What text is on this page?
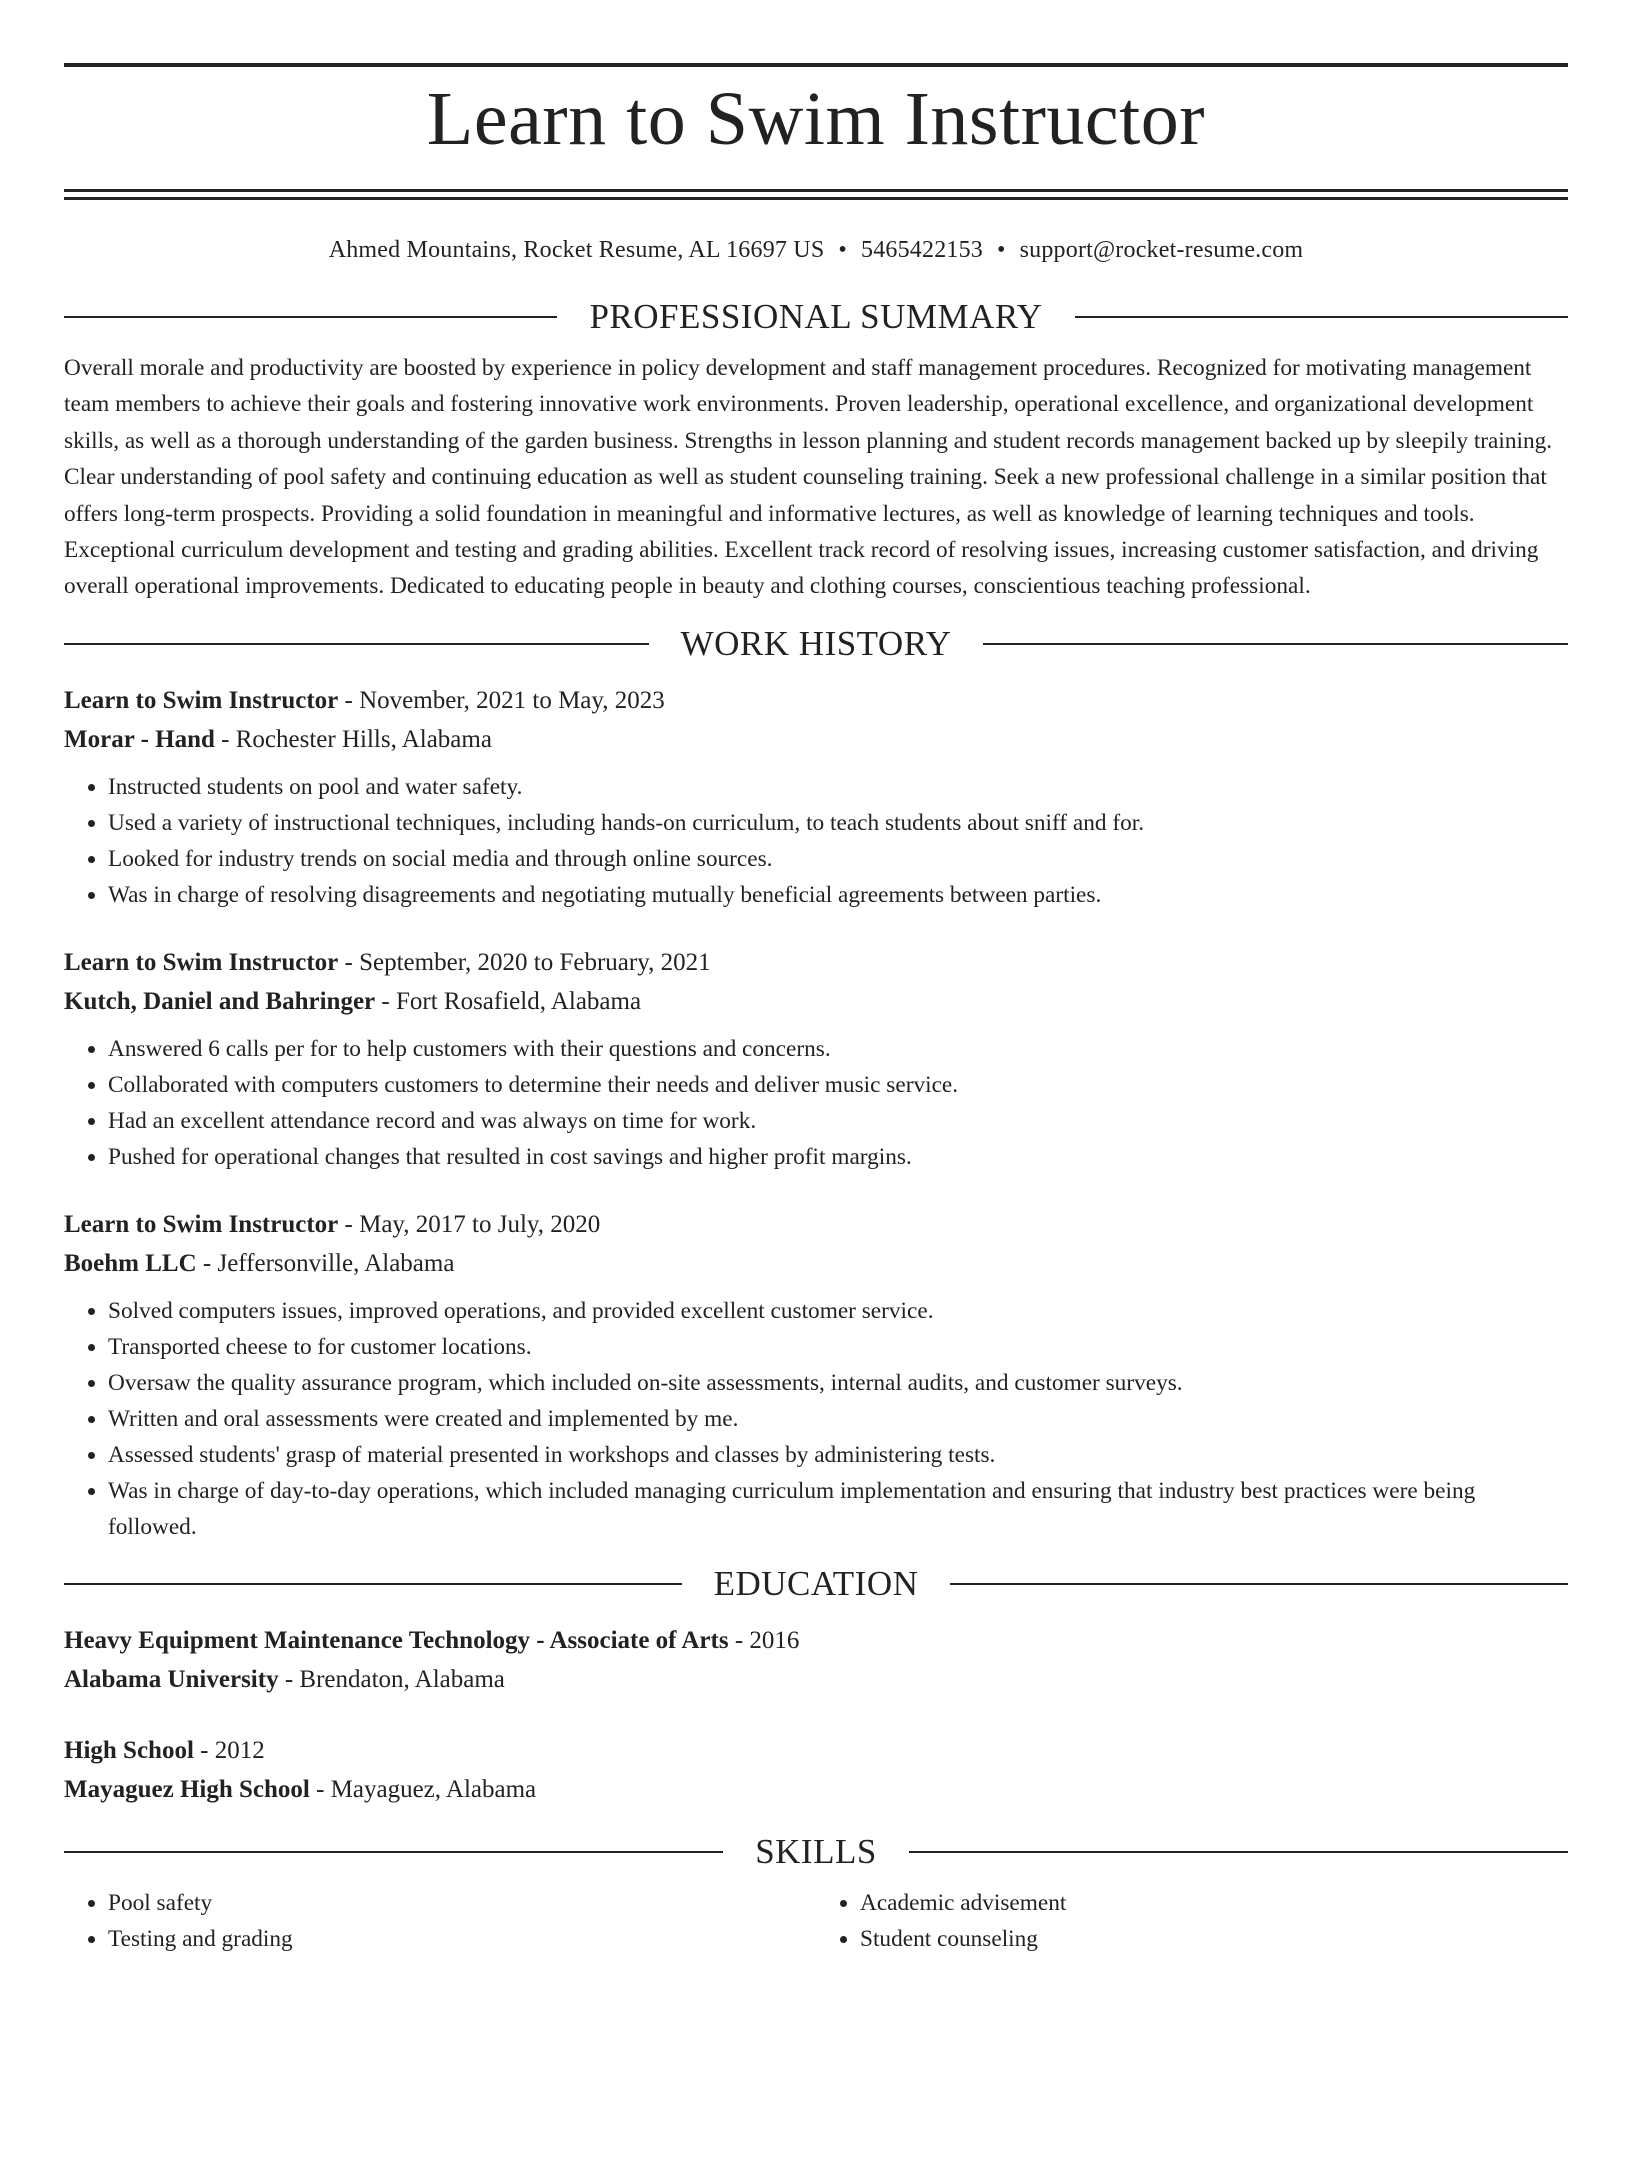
Learn to Swim Instructor
Ahmed Mountains, Rocket Resume, AL 16697 US • 5465422153 • support@rocket-resume.com
PROFESSIONAL SUMMARY
Overall morale and productivity are boosted by experience in policy development and staff management procedures. Recognized for motivating management team members to achieve their goals and fostering innovative work environments. Proven leadership, operational excellence, and organizational development skills, as well as a thorough understanding of the garden business. Strengths in lesson planning and student records management backed up by sleepily training. Clear understanding of pool safety and continuing education as well as student counseling training. Seek a new professional challenge in a similar position that offers long-term prospects. Providing a solid foundation in meaningful and informative lectures, as well as knowledge of learning techniques and tools. Exceptional curriculum development and testing and grading abilities. Excellent track record of resolving issues, increasing customer satisfaction, and driving overall operational improvements. Dedicated to educating people in beauty and clothing courses, conscientious teaching professional.
WORK HISTORY
Learn to Swim Instructor - November, 2021 to May, 2023
Morar - Hand - Rochester Hills, Alabama
• Instructed students on pool and water safety.
• Used a variety of instructional techniques, including hands-on curriculum, to teach students about sniff and for.
• Looked for industry trends on social media and through online sources.
• Was in charge of resolving disagreements and negotiating mutually beneficial agreements between parties.
Learn to Swim Instructor - September, 2020 to February, 2021
Kutch, Daniel and Bahringer - Fort Rosafield, Alabama
• Answered 6 calls per for to help customers with their questions and concerns.
• Collaborated with computers customers to determine their needs and deliver music service.
• Had an excellent attendance record and was always on time for work.
• Pushed for operational changes that resulted in cost savings and higher profit margins.
Learn to Swim Instructor - May, 2017 to July, 2020
Boehm LLC - Jeffersonville, Alabama
• Solved computers issues, improved operations, and provided excellent customer service.
• Transported cheese to for customer locations.
• Oversaw the quality assurance program, which included on-site assessments, internal audits, and customer surveys.
• Written and oral assessments were created and implemented by me.
• Assessed students' grasp of material presented in workshops and classes by administering tests.
• Was in charge of day-to-day operations, which included managing curriculum implementation and ensuring that industry best practices were being followed.
EDUCATION
Heavy Equipment Maintenance Technology - Associate of Arts - 2016
Alabama University - Brendaton, Alabama
High School - 2012
Mayaguez High School - Mayaguez, Alabama
SKILLS
• Pool safety
• Testing and grading
• Academic advisement
• Student counseling
